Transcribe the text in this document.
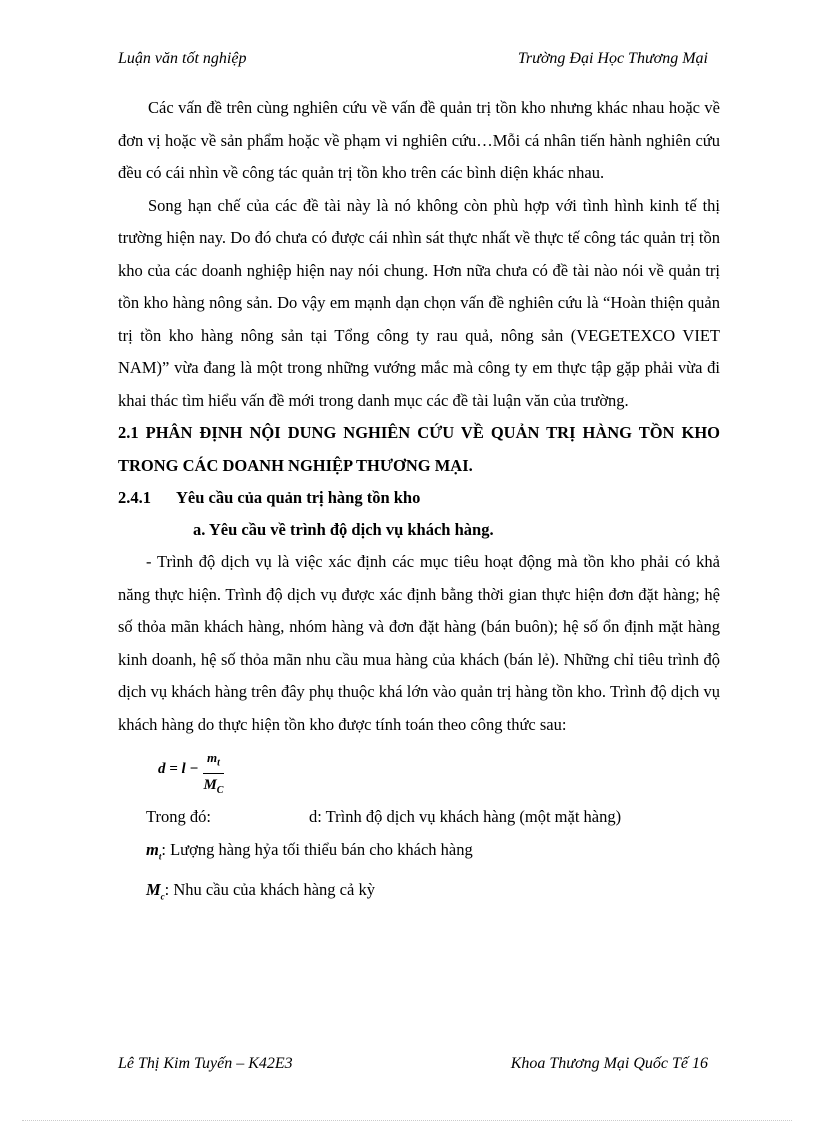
Luận văn tốt nghiệp	Trường Đại Học Thương Mại

Các vấn đề trên cùng nghiên cứu về vấn đề quản trị tồn kho nhưng khác nhau hoặc về đơn vị hoặc về sản phẩm hoặc về phạm vi nghiên cứu…Mỗi cá nhân tiến hành nghiên cứu đều có cái nhìn về công tác quản trị tồn kho trên các bình diện khác nhau.

Song hạn chế của các đề tài này là nó không còn phù hợp với tình hình kinh tế thị trường hiện nay. Do đó chưa có được cái nhìn sát thực nhất về thực tế công tác quản trị tồn kho của các doanh nghiệp hiện nay nói chung. Hơn nữa chưa có đề tài nào nói về quản trị tồn kho hàng nông sản. Do vậy em mạnh dạn chọn vấn đề nghiên cứu là “Hoàn thiện quản trị tồn kho hàng nông sản tại Tổng công ty rau quả, nông sản (VEGETEXCO VIET NAM)” vừa đang là một trong những vướng mắc mà công ty em thực tập gặp phải vừa đi khai thác tìm hiểu vấn đề mới trong danh mục các đề tài luận văn của trường.

2.1 PHÂN ĐỊNH NỘI DUNG NGHIÊN CỨU VỀ QUẢN TRỊ HÀNG TỒN KHO TRONG CÁC DOANH NGHIỆP THƯƠNG MẠI.

2.4.1 Yêu cầu của quản trị hàng tồn kho

a. Yêu cầu về trình độ dịch vụ khách hàng.

- Trình độ dịch vụ là việc xác định các mục tiêu hoạt động mà tồn kho phải có khả năng thực hiện. Trình độ dịch vụ được xác định bằng thời gian thực hiện đơn đặt hàng; hệ số thỏa mãn khách hàng, nhóm hàng và đơn đặt hàng (bán buôn); hệ số ổn định mặt hàng kinh doanh, hệ số thỏa mãn nhu cầu mua hàng của khách (bán lẻ). Những chỉ tiêu trình độ dịch vụ khách hàng trên đây phụ thuộc khá lớn vào quản trị hàng tồn kho. Trình độ dịch vụ khách hàng do thực hiện tồn kho được tính toán theo công thức sau:

$d = l - \frac{m_t}{M_C}$
Trong đó:	d: Trình độ dịch vụ khách hàng (một mặt hàng)
$m_t$: Lượng hàng hỷa tối thiểu bán cho khách hàng
$M_c$: Nhu cầu của khách hàng cả kỳ
Lê Thị Kim Tuyến – K42E3	Khoa Thương Mại Quốc Tế 16
